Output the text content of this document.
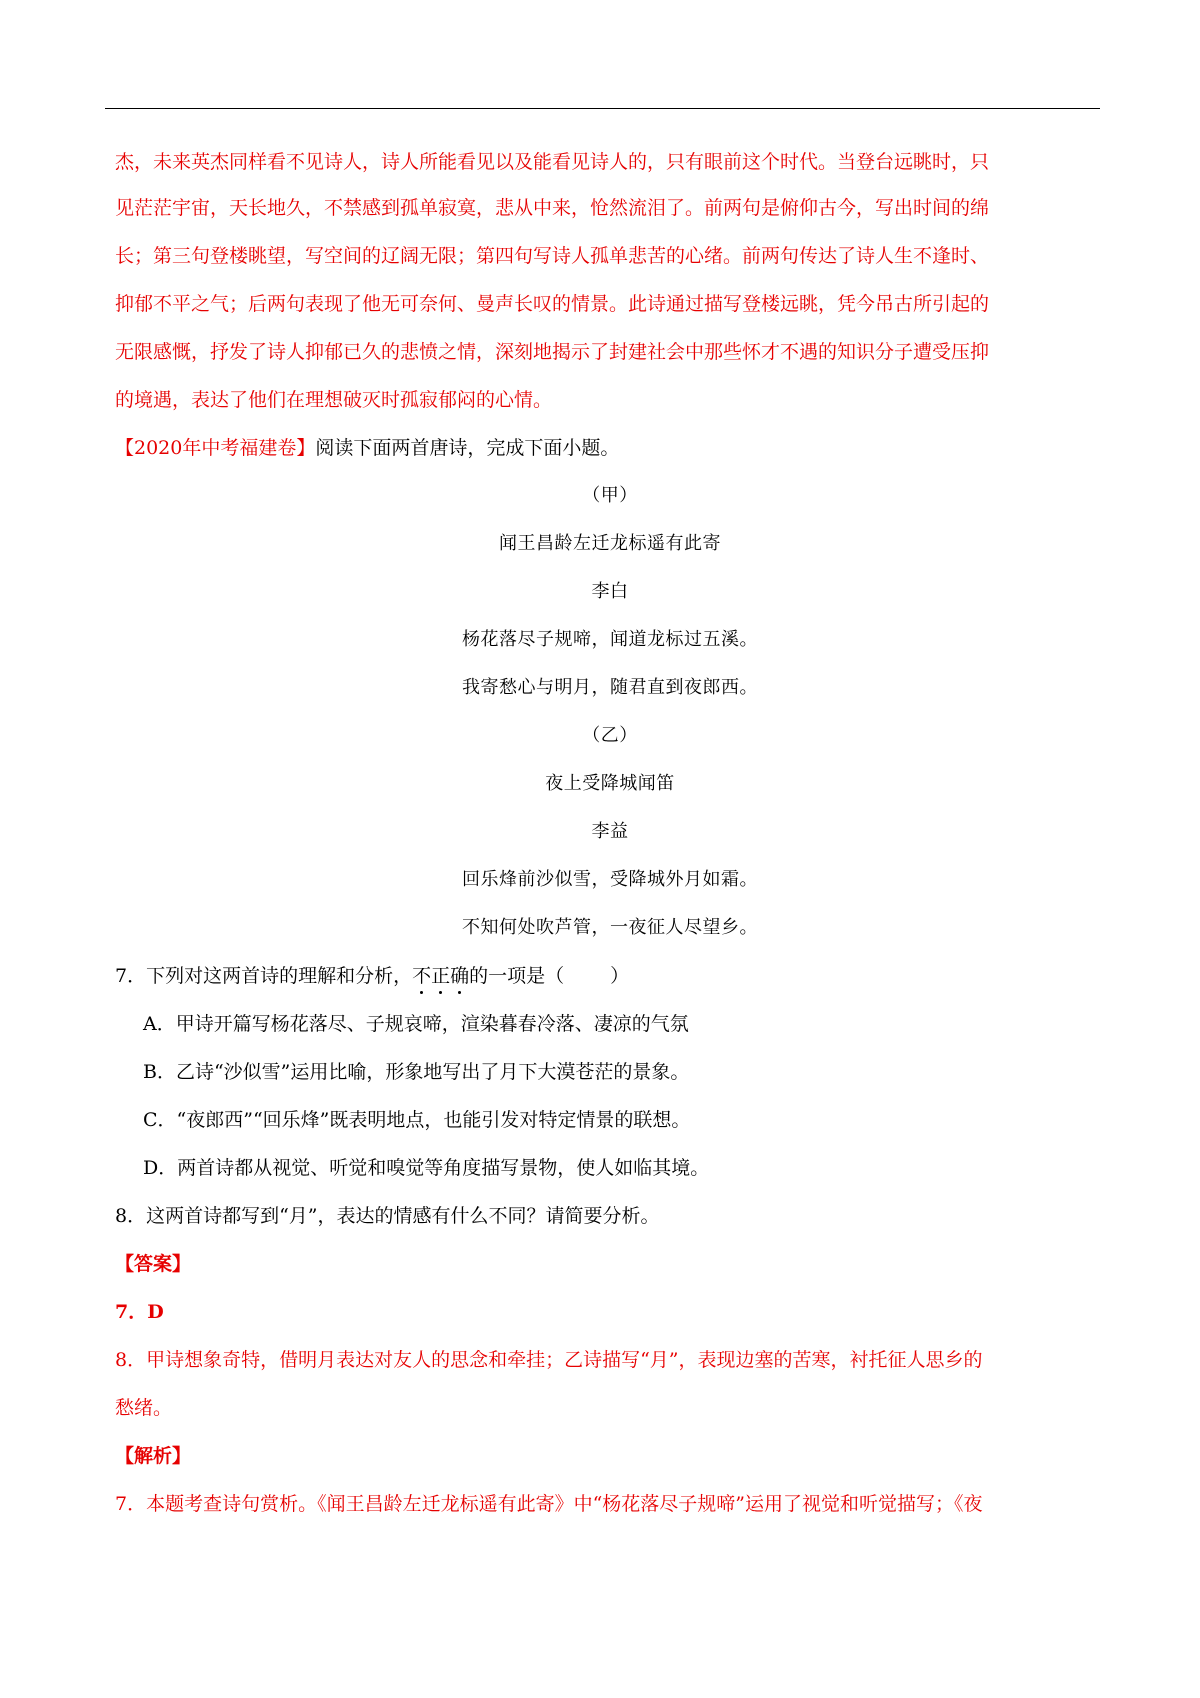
杰，未来英杰同样看不见诗人，诗人所能看见以及能看见诗人的，只有眼前这个时代。当登台远眺时，只
见茫茫宇宙，天长地久，不禁感到孤单寂寞，悲从中来，怆然流泪了。前两句是俯仰古今，写出时间的绵
长；第三句登楼眺望，写空间的辽阔无限；第四句写诗人孤单悲苦的心绪。前两句传达了诗人生不逢时、
抑郁不平之气；后两句表现了他无可奈何、曼声长叹的情景。此诗通过描写登楼远眺，凭今吊古所引起的
无限感慨，抒发了诗人抑郁已久的悲愤之情，深刻地揭示了封建社会中那些怀才不遇的知识分子遭受压抑
的境遇，表达了他们在理想破灭时孤寂郁闷的心情。
【2020年中考福建卷】阅读下面两首唐诗，完成下面小题。
（甲）
闻王昌龄左迁龙标遥有此寄
李白
杨花落尽子规啼，闻道龙标过五溪。
我寄愁心与明月，随君直到夜郎西。
（乙）
夜上受降城闻笛
李益
回乐烽前沙似雪，受降城外月如霜。
不知何处吹芦管，一夜征人尽望乡。
7．下列对这两首诗的理解和分析，不正确的一项是（ ）
A．甲诗开篇写杨花落尽、子规哀啼，渲染暮春冷落、凄凉的气氛
B．乙诗“沙似雪”运用比喻，形象地写出了月下大漠苍茫的景象。
C．“夜郎西”“回乐烽”既表明地点，也能引发对特定情景的联想。
D．两首诗都从视觉、听觉和嗅觉等角度描写景物，使人如临其境。
8．这两首诗都写到“月”，表达的情感有什么不同？请简要分析。
【答案】
7．D
8．甲诗想象奇特，借明月表达对友人的思念和牵挂；乙诗描写“月”，表现边塞的苦寒，衬托征人思乡的
愁绪。
【解析】
7．本题考查诗句赏析。《闻王昌龄左迁龙标遥有此寄》中“杨花落尽子规啼”运用了视觉和听觉描写；《夜
